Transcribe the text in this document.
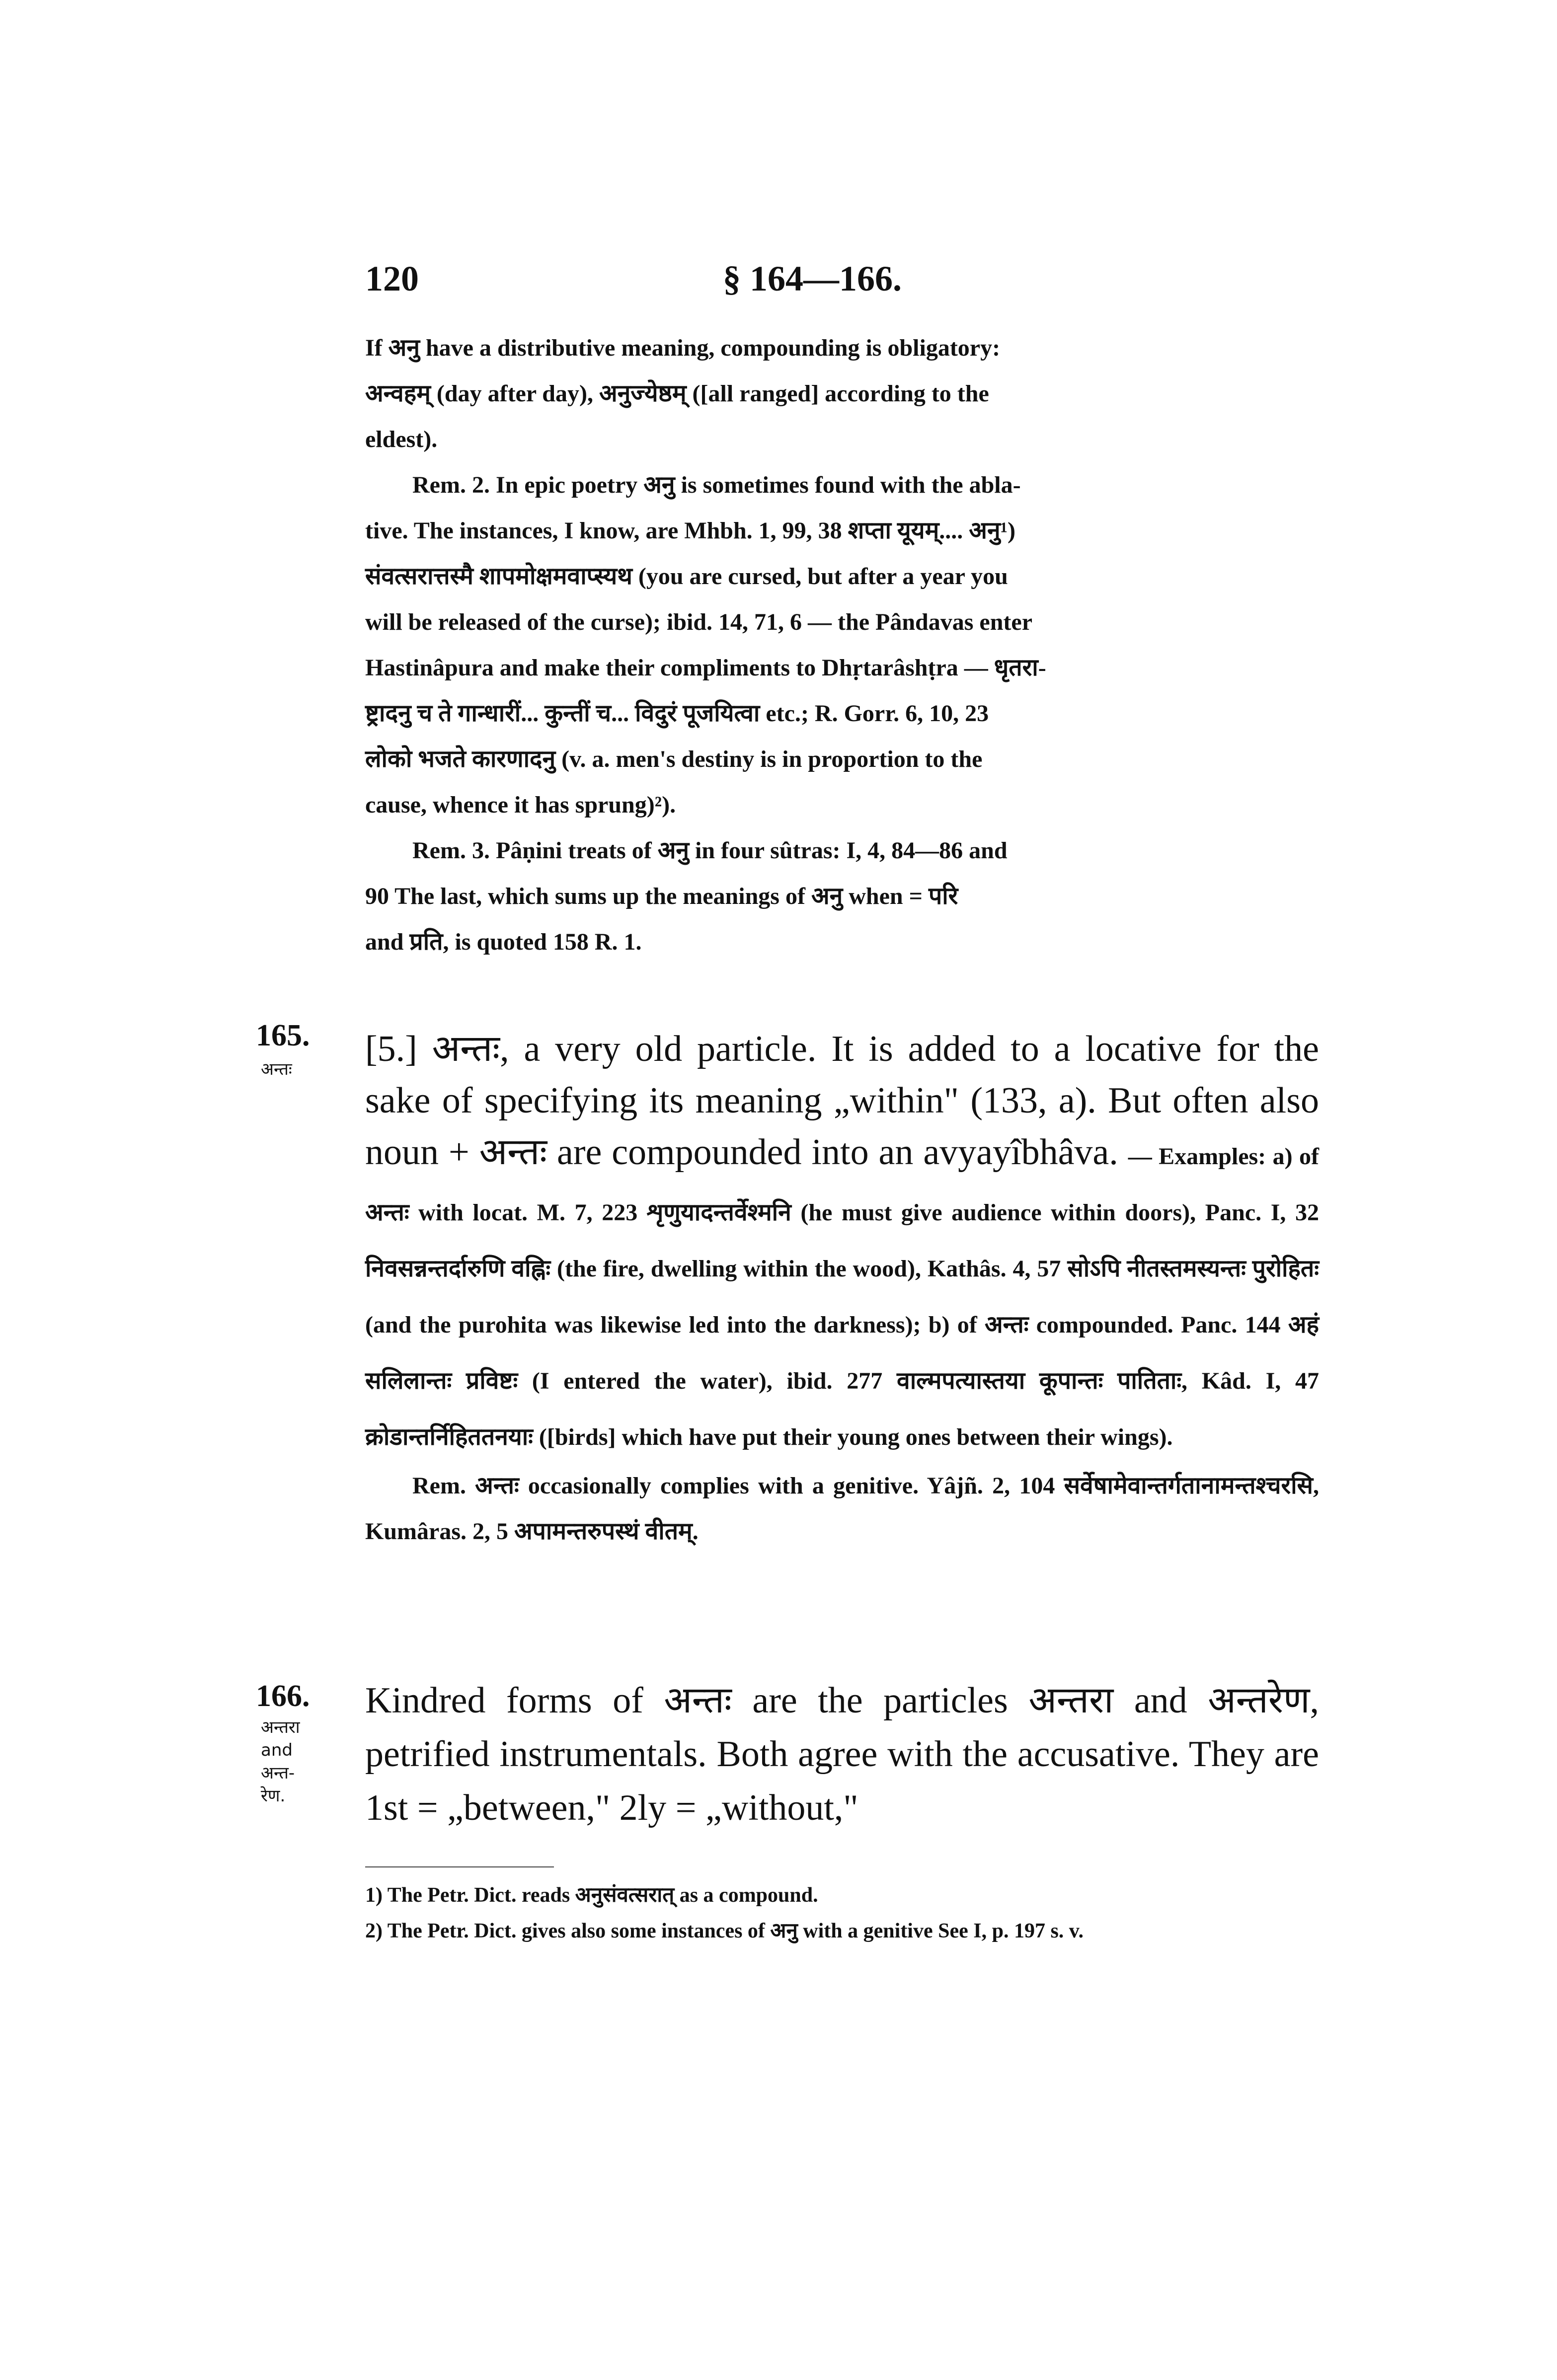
120	§ 164—166.

If अनु have a distributive meaning, compounding is obligatory:

अन्वहम् (day after day), अनुज्येष्ठम् ([all ranged] according to the

eldest).

Rem. 2. In epic poetry अनु is sometimes found with the abla-

tive. The instances, I know, are Mhbh. 1, 99, 38 शप्ता यूयम्.... अनु¹)

संवत्सरात्तस्मै शापमोक्षमवाप्स्यथ (you are cursed, but after a year you

will be released of the curse); ibid. 14, 71, 6 — the Pândavas enter

Hastinâpura and make their compliments to Dhṛtarâshṭra — धृतरा-

ष्ट्रादनु च ते गान्धारीं... कुन्तीं च... विदुरं पूजयित्वा etc.; R. Gorr. 6, 10, 23

लोको भजते कारणादनु (v. a. men's destiny is in proportion to the

cause, whence it has sprung)²).

Rem. 3. Pâṇini treats of अनु in four sûtras: I, 4, 84—86 and

90 The last, which sums up the meanings of अनु when = परि

and प्रति, is quoted 158 R. 1.

165.
अन्तः	[5.] अन्तः, a very old particle. It is added to a locative for the sake of specifying its meaning „within" (133, a). But often also noun + अन्तः are compounded into an avyayîbhâva. — Examples: a) of अन्तः with locat. M. 7, 223 शृणुयादन्तर्वेश्मनि (he must give audience within doors), Panc. I, 32 निवसन्नन्तर्दारुणि वह्निः (the fire, dwelling within the wood), Kathâs. 4, 57 सोऽपि नीतस्तमस्यन्तः पुरोहितः (and the purohita was likewise led into the darkness); b) of अन्तः compounded. Panc. 144 अहं सलिलान्तः प्रविष्टः (I entered the water), ibid. 277 वाल्मपत्यास्तया कूपान्तः पातिताः, Kâd. I, 47 क्रोडान्तर्निहिततनयाः ([birds] which have put their young ones between their wings).
Rem. अन्तः occasionally complies with a genitive. Yâjñ. 2, 104 सर्वेषामेवान्तर्गतानामन्तश्चरसि, Kumâras. 2, 5 अपामन्तरुपस्थं वीतम्.
166.
अन्तरा
and
अन्त-
रेण.
Kindred forms of अन्तः are the particles अन्तरा and अन्तरेण, petrified instrumentals. Both agree with the accusative. They are 1st = „between," 2ly = „without,"

1) The Petr. Dict. reads अनुसंवत्सरात् as a compound.

2) The Petr. Dict. gives also some instances of अनु with a genitive See I, p. 197 s. v.
